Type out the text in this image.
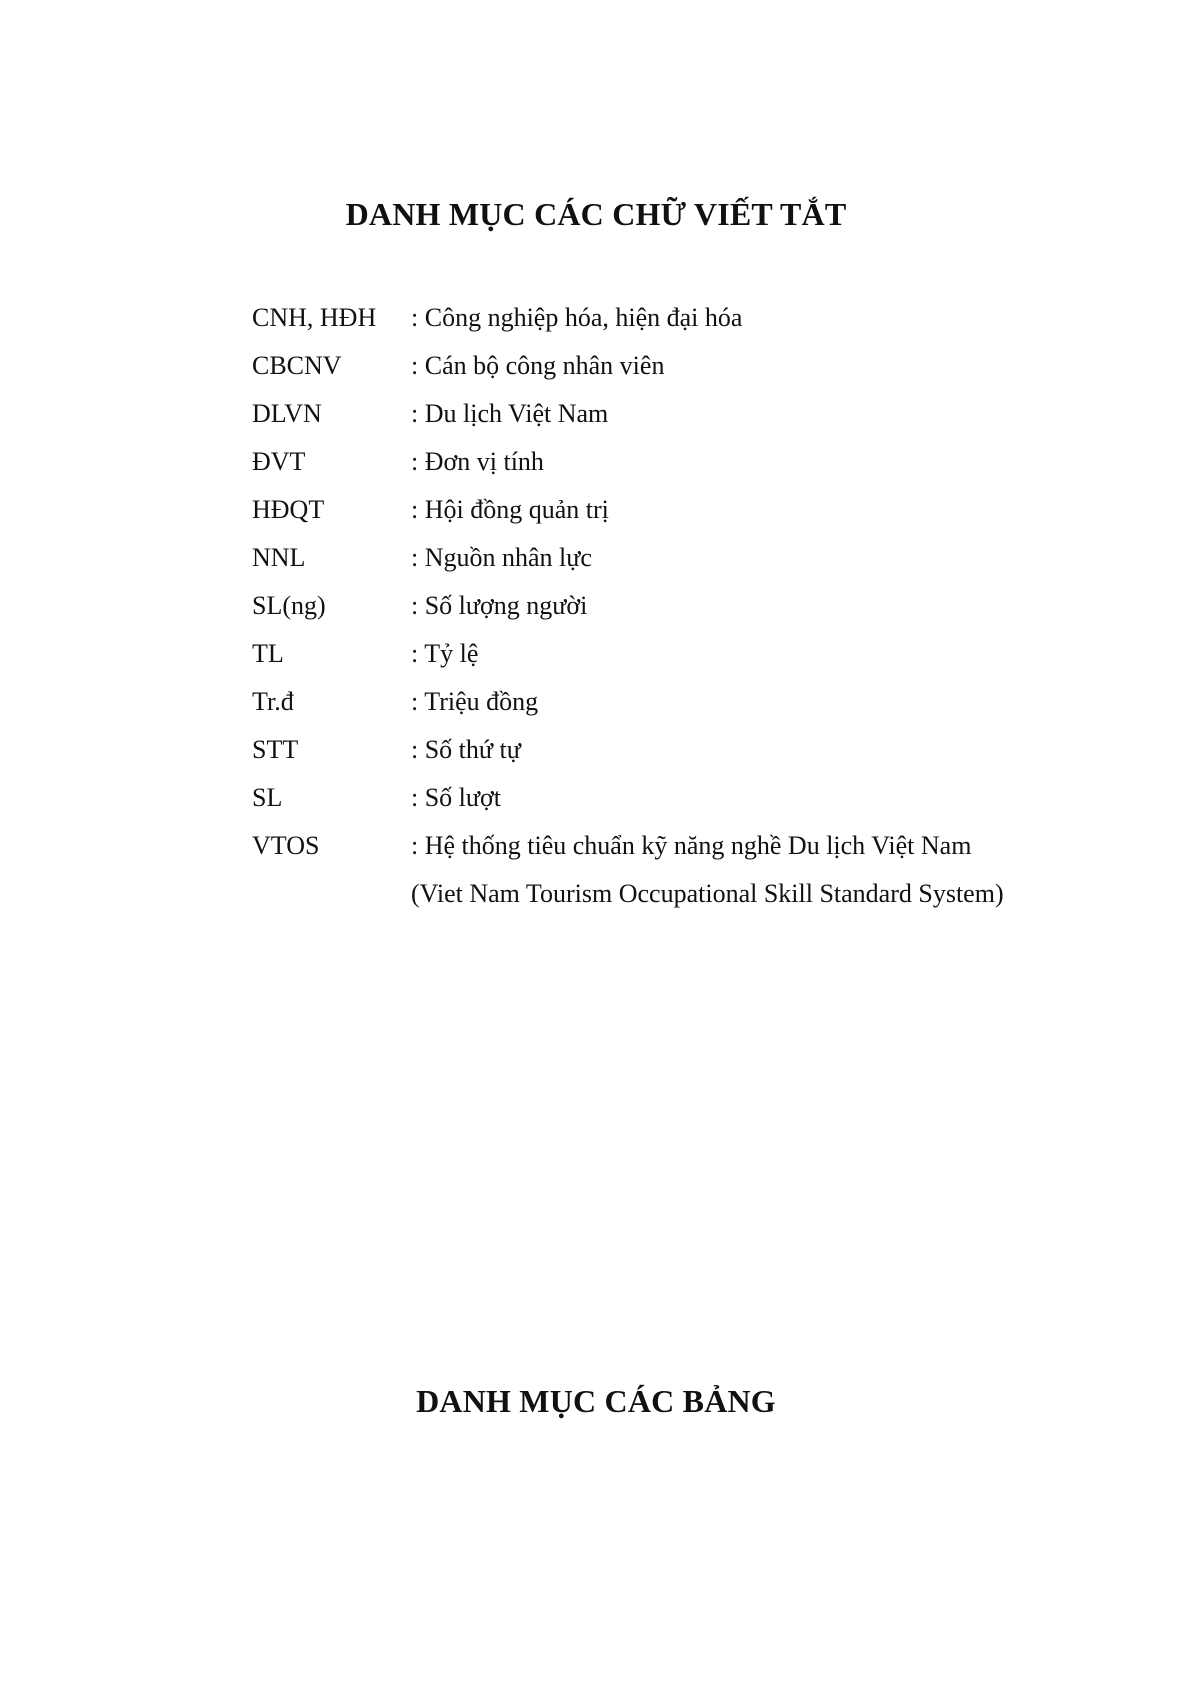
DANH MỤC CÁC CHỮ VIẾT TẮT
CNH, HĐH	: Công nghiệp hóa, hiện đại hóa
CBCNV	: Cán bộ công nhân viên
DLVN	: Du lịch Việt Nam
ĐVT	: Đơn vị tính
HĐQT	: Hội đồng quản trị
NNL	: Nguồn nhân lực
SL(ng)	: Số lượng người
TL	: Tỷ lệ
Tr.đ	: Triệu đồng
STT	: Số thứ tự
SL	: Số lượt
VTOS	: Hệ thống tiêu chuẩn kỹ năng nghề Du lịch Việt Nam
(Viet Nam Tourism Occupational Skill Standard System)
DANH MỤC CÁC BẢNG
